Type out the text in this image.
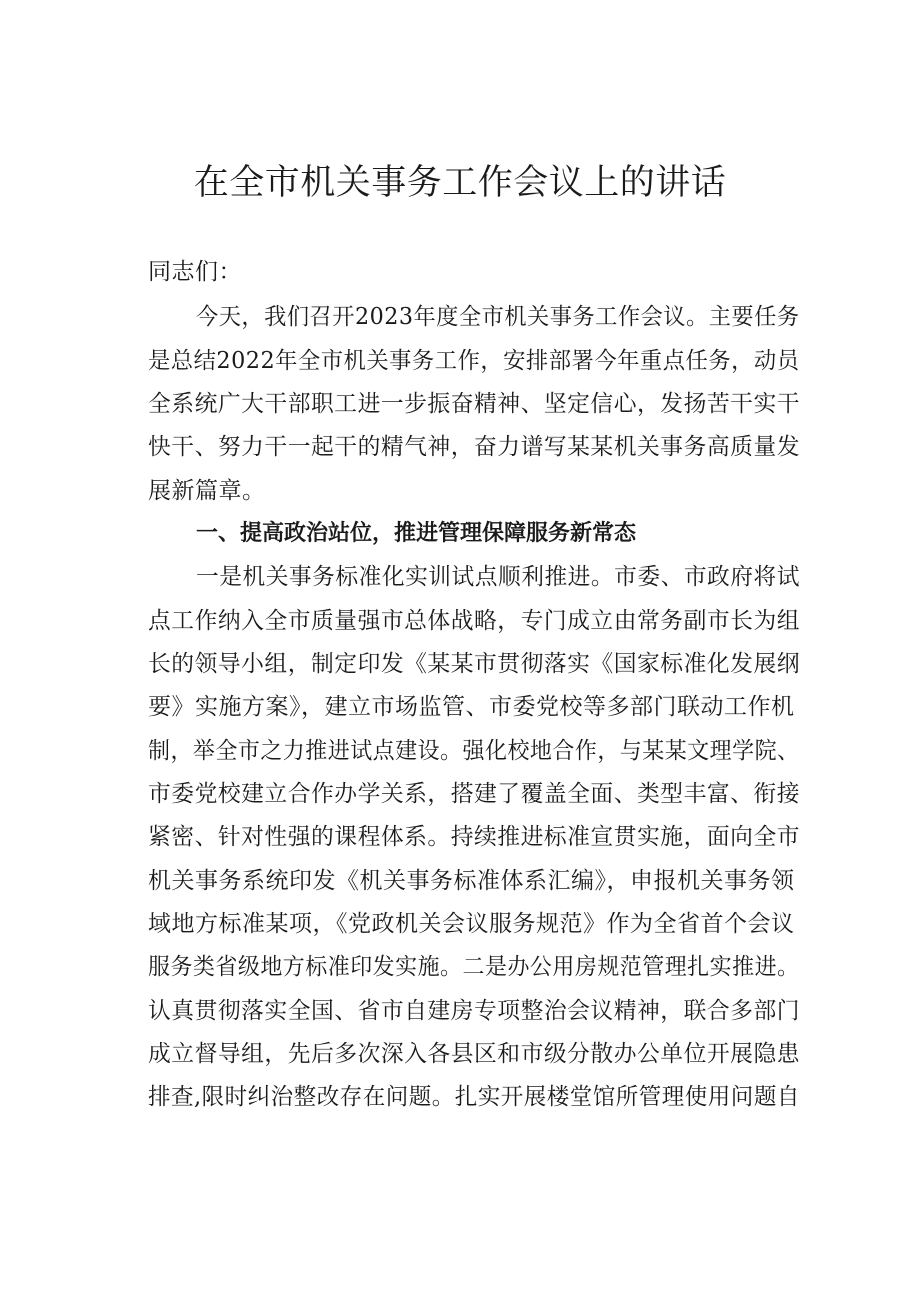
在全市机关事务工作会议上的讲话
同志们：
今天，我们召开2023年度全市机关事务工作会议。主要任务
是总结2022年全市机关事务工作，安排部署今年重点任务，动员
全系统广大干部职工进一步振奋精神、坚定信心，发扬苦干实干
快干、努力干一起干的精气神，奋力谱写某某机关事务高质量发
展新篇章。
一、提高政治站位，推进管理保障服务新常态
一是机关事务标准化实训试点顺利推进。市委、市政府将试
点工作纳入全市质量强市总体战略，专门成立由常务副市长为组
长的领导小组，制定印发《某某市贯彻落实《国家标准化发展纲
要》实施方案》，建立市场监管、市委党校等多部门联动工作机
制，举全市之力推进试点建设。强化校地合作，与某某文理学院、
市委党校建立合作办学关系，搭建了覆盖全面、类型丰富、衔接
紧密、针对性强的课程体系。持续推进标准宣贯实施，面向全市
机关事务系统印发《机关事务标准体系汇编》，申报机关事务领
域地方标准某项，《党政机关会议服务规范》作为全省首个会议
服务类省级地方标准印发实施。二是办公用房规范管理扎实推进。
认真贯彻落实全国、省市自建房专项整治会议精神，联合多部门
成立督导组，先后多次深入各县区和市级分散办公单位开展隐患
排查,限时纠治整改存在问题。扎实开展楼堂馆所管理使用问题自
